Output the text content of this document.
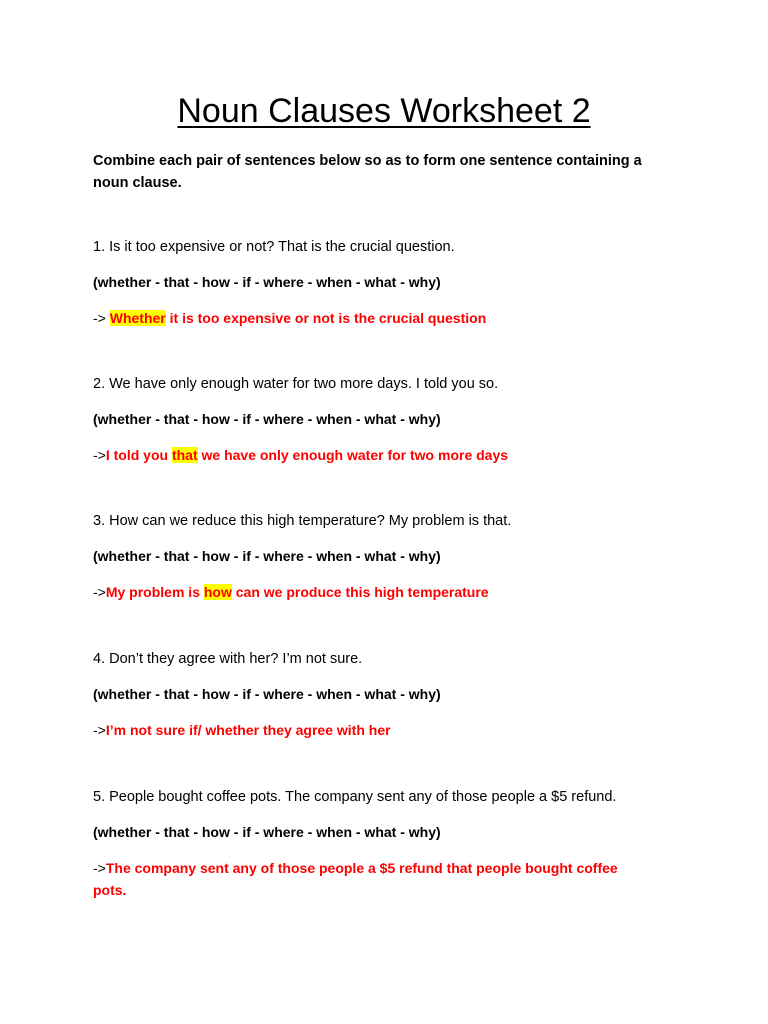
Noun Clauses Worksheet 2
Combine each pair of sentences below so as to form one sentence containing a noun clause.
1. Is it too expensive or not? That is the crucial question.
(whether - that - how - if - where - when - what - why)
-> Whether it is too expensive or not is the crucial question
2. We have only enough water for two more days. I told you so.
(whether - that - how - if - where - when - what - why)
->I told you that we have only enough water for two more days
3. How can we reduce this high temperature? My problem is that.
(whether - that - how - if - where - when - what - why)
->My problem is how can we produce this high temperature
4. Don’t they agree with her? I’m not sure.
(whether - that - how - if - where - when - what - why)
->I’m not sure if/ whether they agree with her
5. People bought coffee pots. The company sent any of those people a $5 refund.
(whether - that - how - if - where - when - what - why)
->The company sent any of those people a $5 refund that people bought coffee pots.
